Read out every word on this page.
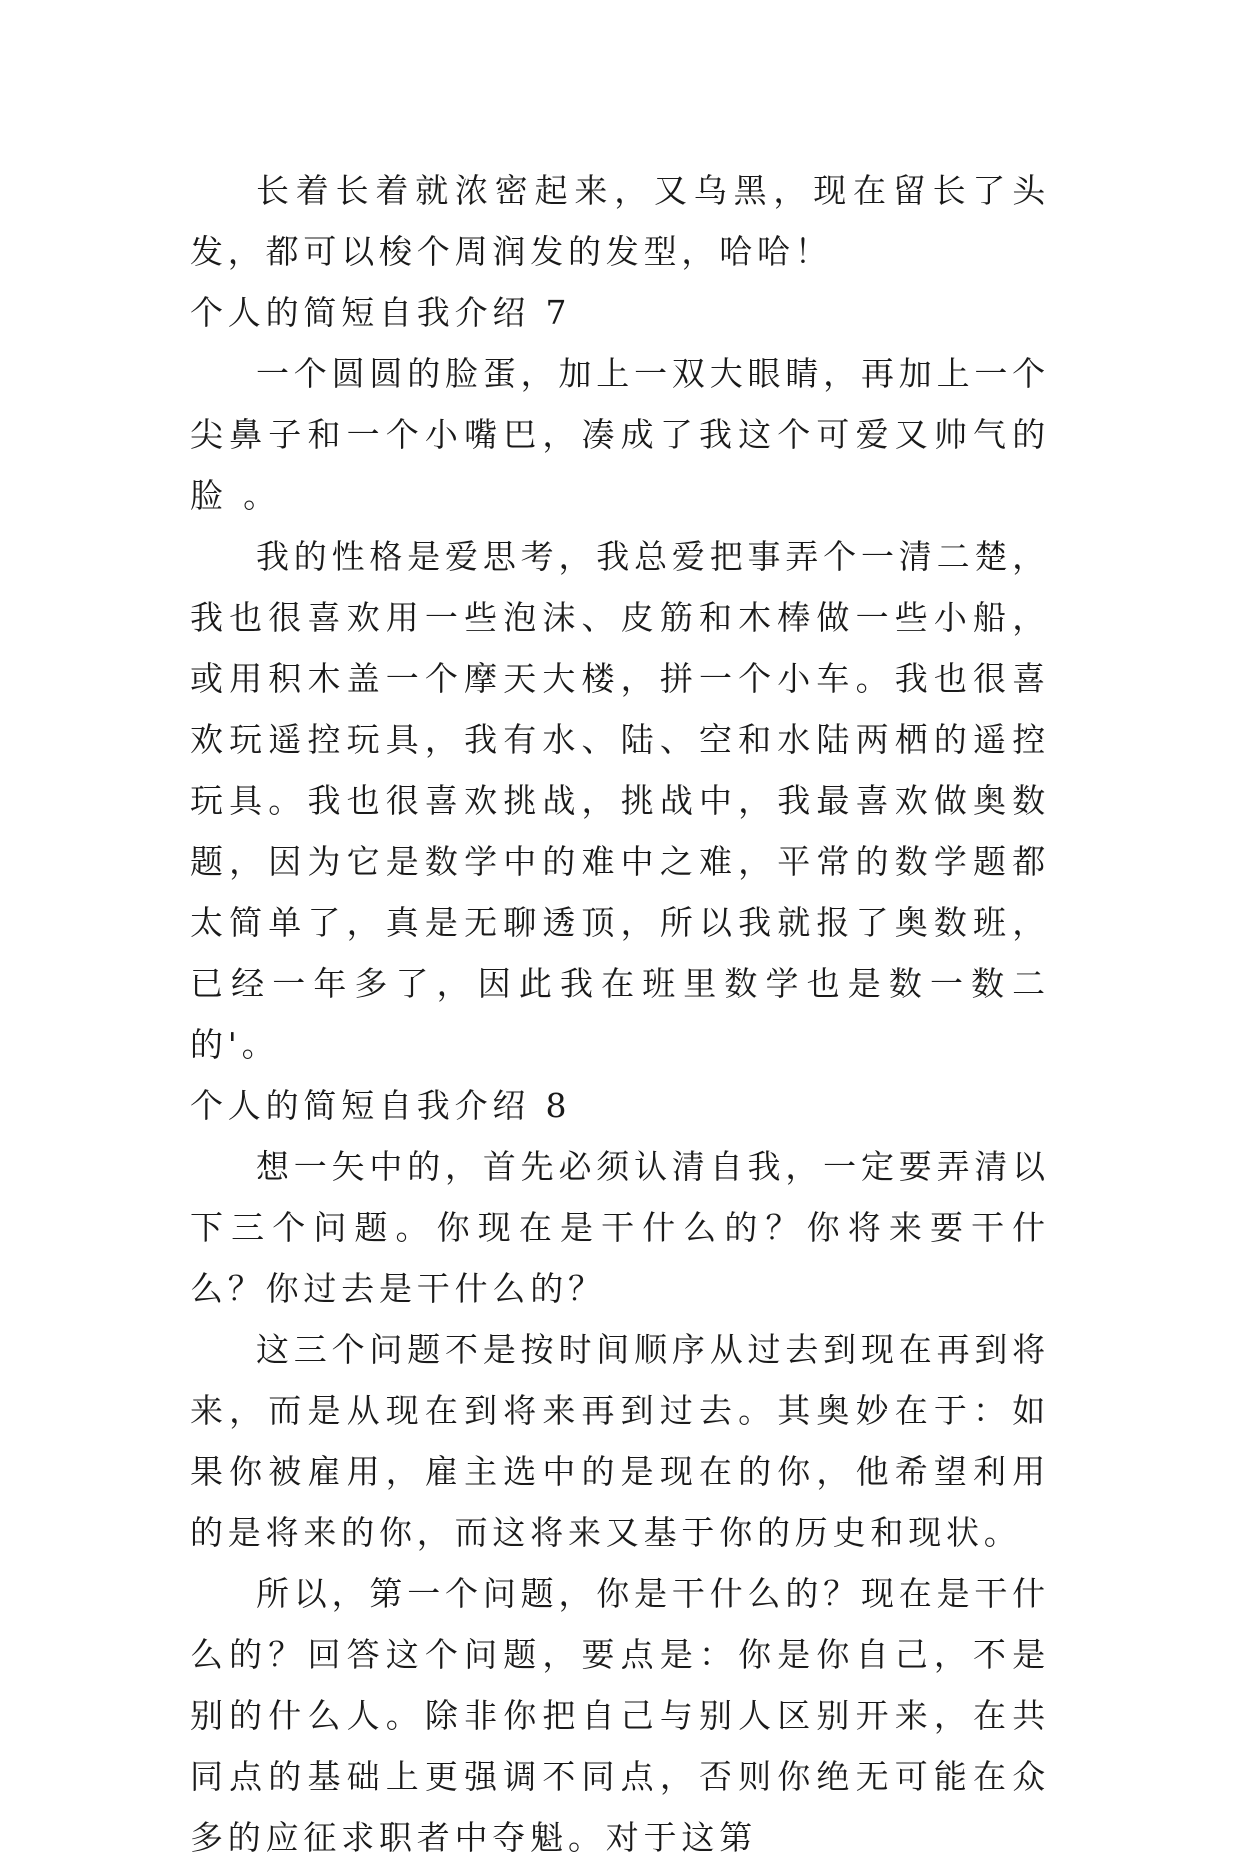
长着长着就浓密起来，又乌黑，现在留长了头发，都可以梭个周润发的发型，哈哈！

个人的简短自我介绍 7

一个圆圆的脸蛋，加上一双大眼睛，再加上一个尖鼻子和一个小嘴巴，凑成了我这个可爱又帅气的脸 。

我的性格是爱思考，我总爱把事弄个一清二楚，我也很喜欢用一些泡沫、皮筋和木棒做一些小船，或用积木盖一个摩天大楼，拼一个小车。我也很喜欢玩遥控玩具，我有水、陆、空和水陆两栖的遥控玩具。我也很喜欢挑战，挑战中，我最喜欢做奥数题，因为它是数学中的难中之难，平常的数学题都太简单了，真是无聊透顶，所以我就报了奥数班，已经一年多了，因此我在班里数学也是数一数二的'。

个人的简短自我介绍 8

想一矢中的，首先必须认清自我，一定要弄清以下三个问题。你现在是干什么的？你将来要干什么？你过去是干什么的？

这三个问题不是按时间顺序从过去到现在再到将来，而是从现在到将来再到过去。其奥妙在于：如果你被雇用，雇主选中的是现在的你，他希望利用的是将来的你，而这将来又基于你的历史和现状。

所以，第一个问题，你是干什么的？现在是干什么的？回答这个问题，要点是：你是你自己，不是别的什么人。除非你把自己与别人区别开来，在共同点的基础上更强调不同点，否则你绝无可能在众多的应征求职者中夺魁。对于这第
